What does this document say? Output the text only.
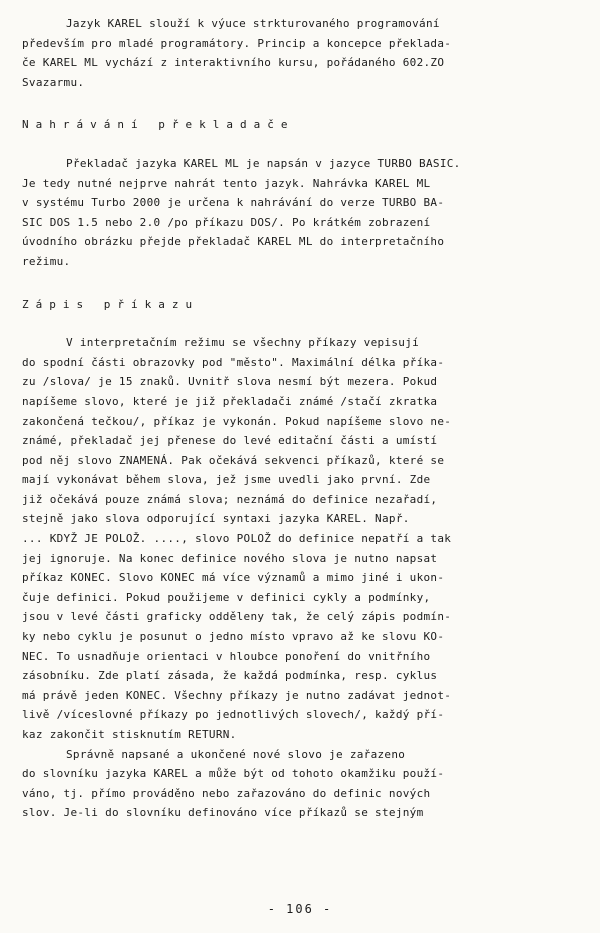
Jazyk KAREL slouží k výuce strkturovaného programování
především pro mladé programátory. Princip a koncepce překlada-
če KAREL ML vychází z interaktivního kursu, pořádaného 602.ZO
Svazarmu.
Nahrávání překladače
Překladač jazyka KAREL ML je napsán v jazyce TURBO BASIC.
Je tedy nutné nejprve nahrát tento jazyk. Nahrávka KAREL ML
v systému Turbo 2000 je určena k nahrávání do verze TURBO BA-
SIC DOS 1.5 nebo 2.0 /po příkazu DOS/. Po krátkém zobrazení
úvodního obrázku přejde překladač KAREL ML do interpretačního
režimu.
Zápis příkazu
V interpretačním režimu se všechny příkazy vepisují
do spodní části obrazovky pod "město". Maximální délka příka-
zu /slova/ je 15 znaků. Uvnitř slova nesmí být mezera. Pokud
napíšeme slovo, které je již překladači známé /stačí zkratka
zakončená tečkou/, příkaz je vykonán. Pokud napíšeme slovo ne-
známé, překladač jej přenese do levé editační části a umístí
pod něj slovo ZNAMENÁ. Pak očekává sekvenci příkazů, které se
mají vykonávat během slova, jež jsme uvedli jako první. Zde
již očekává pouze známá slova; neznámá do definice nezařadí,
stejně jako slova odporující syntaxi jazyka KAREL. Např.
... KDYŽ JE POLOŽ. ...., slovo POLOŽ do definice nepatří a tak
jej ignoruje. Na konec definice nového slova je nutno napsat
příkaz KONEC. Slovo KONEC má více významů a mimo jiné i ukon-
čuje definici. Pokud použijeme v definici cykly a podmínky,
jsou v levé části graficky odděleny tak, že celý zápis podmín-
ky nebo cyklu je posunut o jedno místo vpravo až ke slovu KO-
NEC. To usnadňuje orientaci v hloubce ponoření do vnitřního
zásobníku. Zde platí zásada, že každá podmínka, resp. cyklus
má právě jeden KONEC. Všechny příkazy je nutno zadávat jednot-
livě /víceslovné příkazy po jednotlivých slovech/, každý pří-
kaz zakončit stisknutím RETURN.
Správně napsané a ukončené nové slovo je zařazeno
do slovníku jazyka KAREL a může být od tohoto okamžiku použí-
váno, tj. přímo prováděno nebo zařazováno do definic nových
slov. Je-li do slovníku definováno více příkazů se stejným
- 106 -
